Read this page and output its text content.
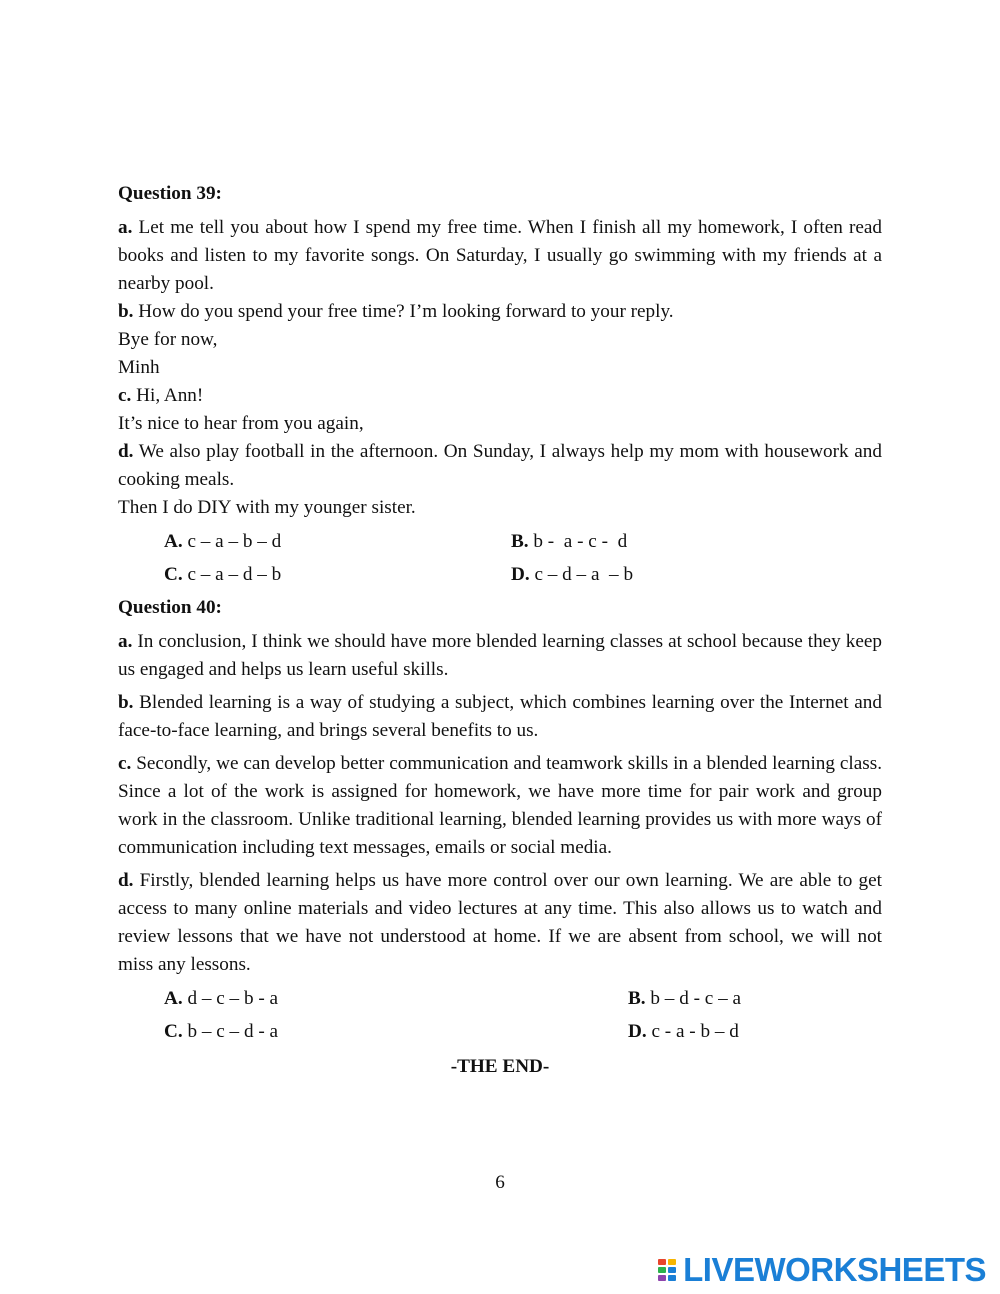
Question 39:

a. Let me tell you about how I spend my free time. When I finish all my homework, I often read books and listen to my favorite songs. On Saturday, I usually go swimming with my friends at a nearby pool.

b. How do you spend your free time? I’m looking forward to your reply.

Bye for now,

Minh

c. Hi, Ann!

It’s nice to hear from you again,

d. We also play football in the afternoon. On Sunday, I always help my mom with housework and cooking meals.

Then I do DIY with my younger sister.

A. c – a – b – d	B. b -  a - c -  d
C. c – a – d – b	D. c – d – a  – b

Question 40:

a. In conclusion, I think we should have more blended learning classes at school because they keep us engaged and helps us learn useful skills.

b. Blended learning is a way of studying a subject, which combines learning over the Internet and face-to-face learning, and brings several benefits to us.

c. Secondly, we can develop better communication and teamwork skills in a blended learning class. Since a lot of the work is assigned for homework, we have more time for pair work and group work in the classroom. Unlike traditional learning, blended learning provides us with more ways of communication including text messages, emails or social media.

d. Firstly, blended learning helps us have more control over our own learning. We are able to get access to many online materials and video lectures at any time. This also allows us to watch and review lessons that we have not understood at home. If we are absent from school, we will not miss any lessons.

A. d – c – b - a	B. b – d - c – a
C. b – c – d - a	D. c - a - b – d

-THE END-

6
LIVEWORKSHEETS
